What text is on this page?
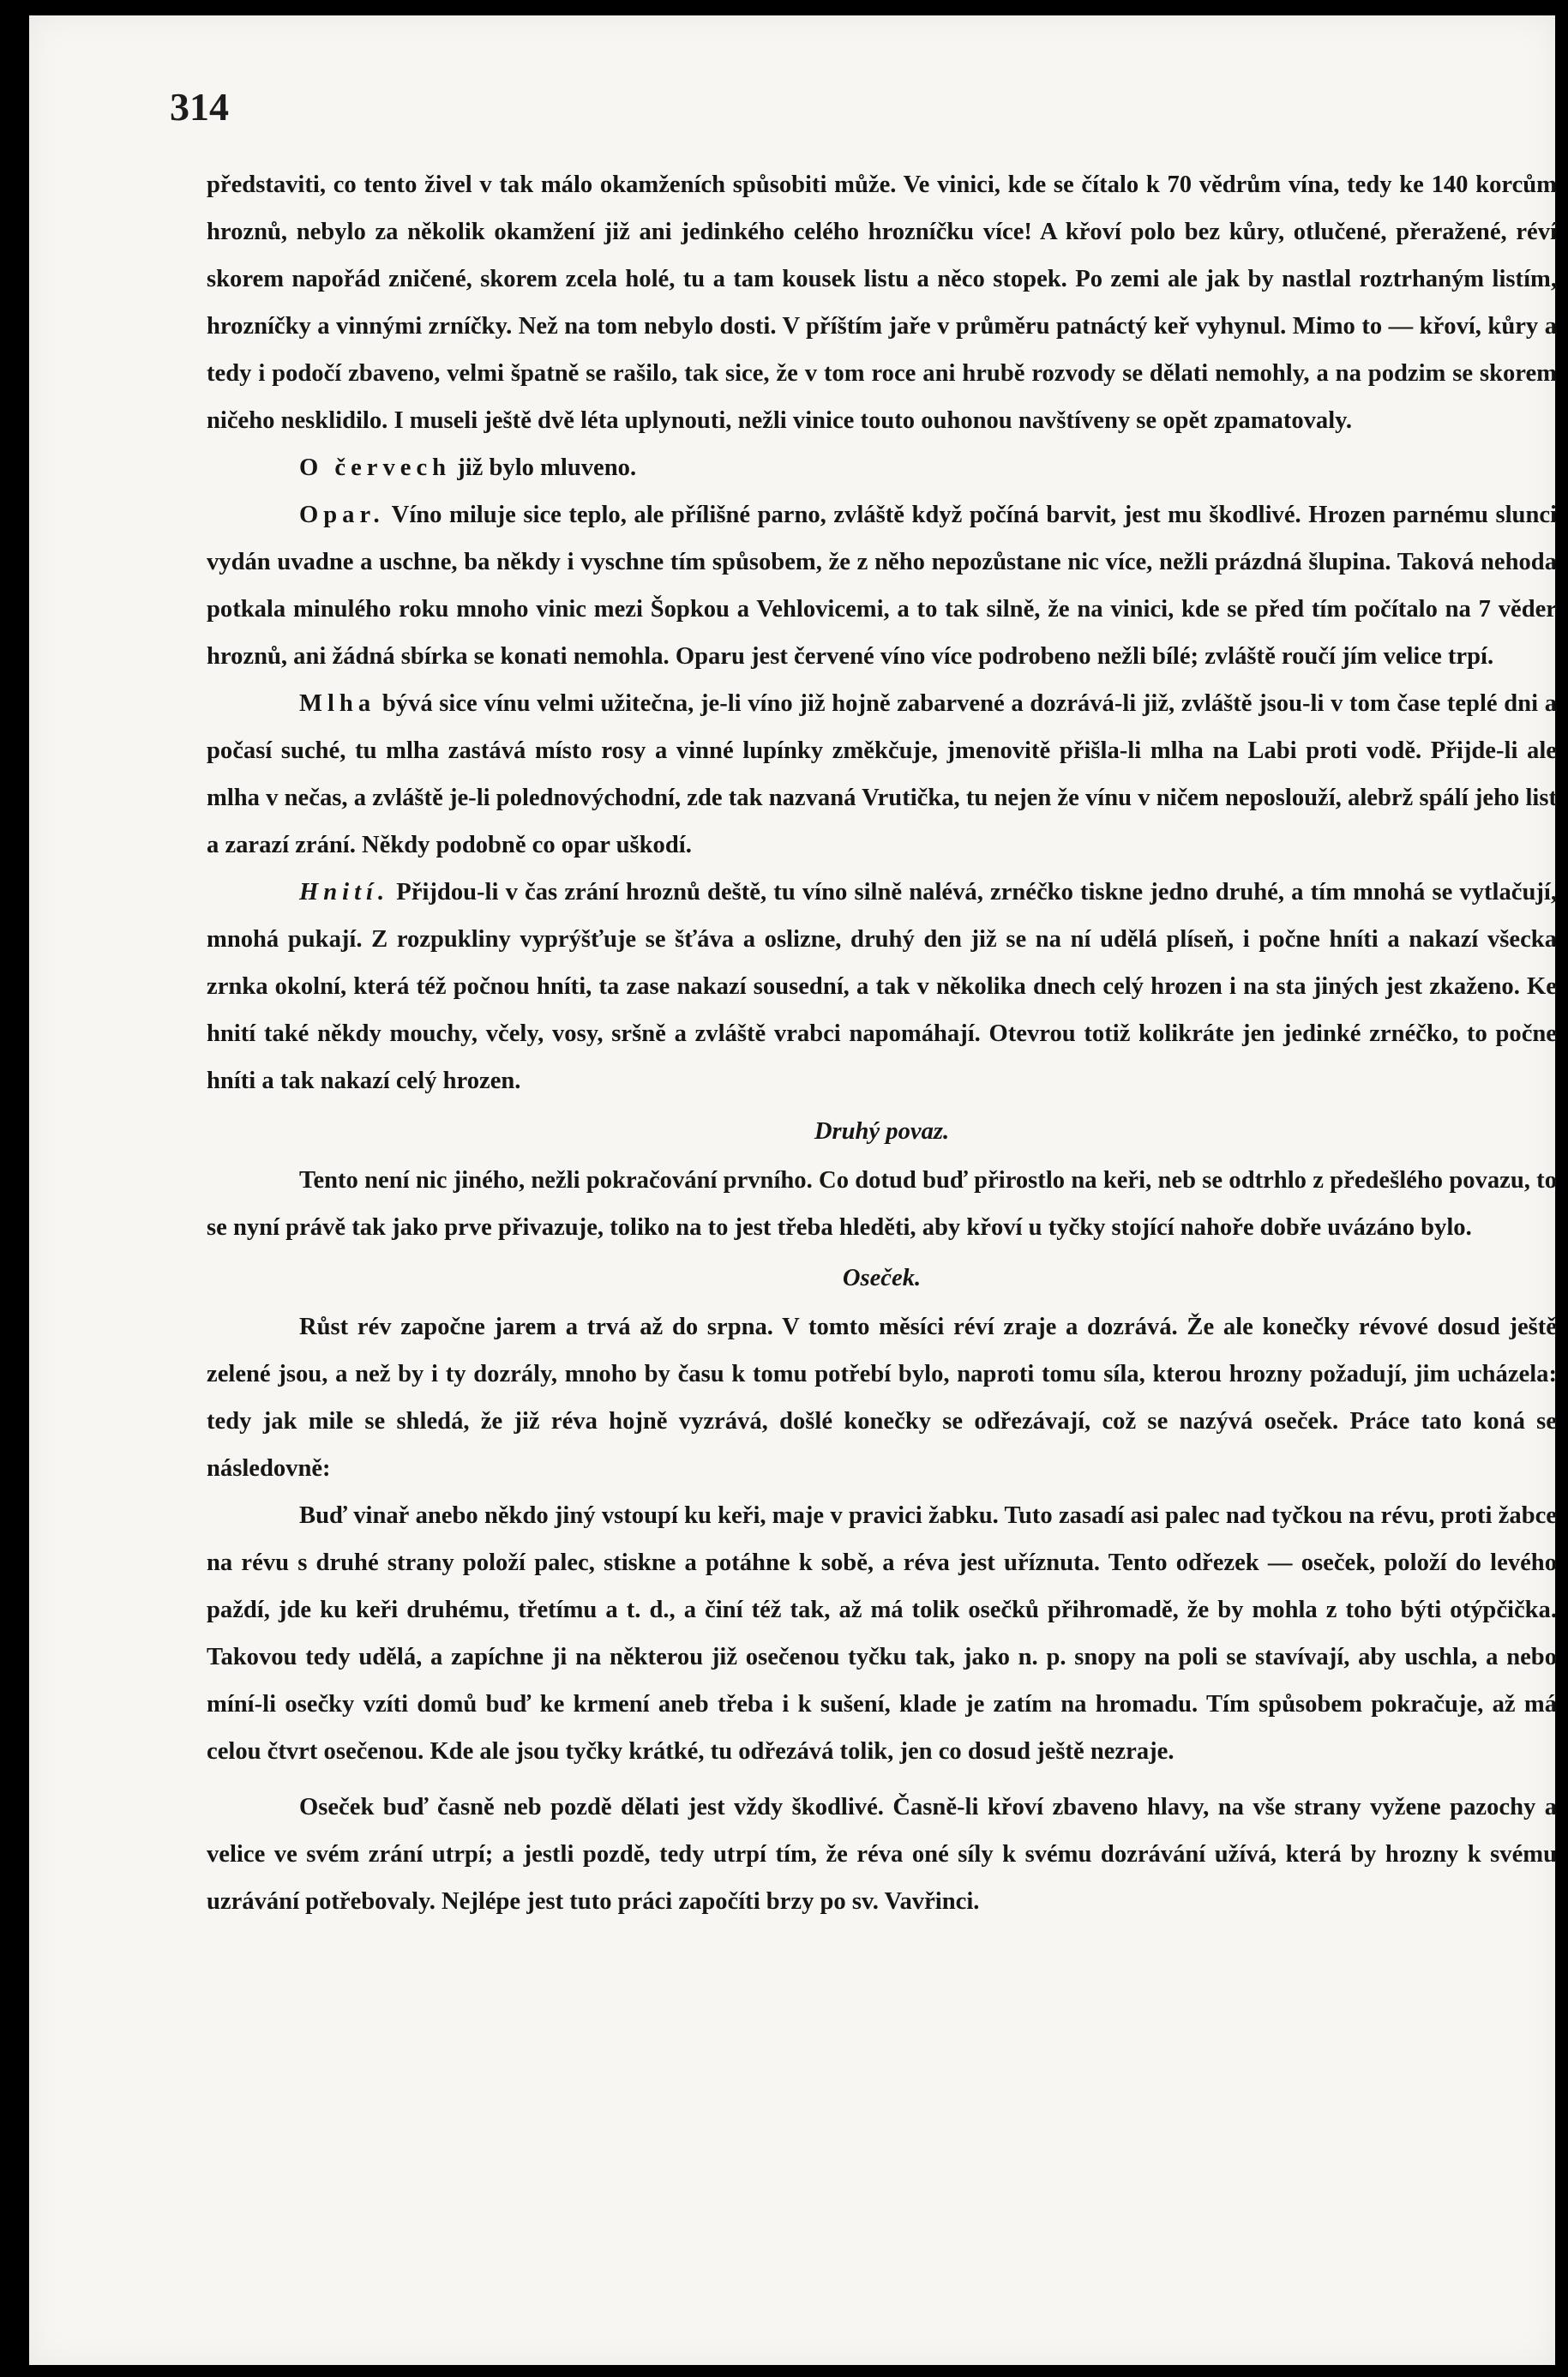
314

představiti, co tento živel v tak málo okamženích spůsobiti může. Ve vinici, kde se čítalo k 70 vědrům vína, tedy ke 140 korcům hroznů, nebylo za několik okamžení již ani jedinkého celého hrozníčku více! A křoví polo bez kůry, otlučené, přeražené, réví skorem napořád zničené, skorem zcela holé, tu a tam kousek listu a něco stopek. Po zemi ale jak by nastlal roztrhaným listím, hrozníčky a vinnými zrníčky. Než na tom nebylo dosti. V příštím jaře v průměru patnáctý keř vyhynul. Mimo to — křoví, kůry a tedy i podočí zbaveno, velmi špatně se rašilo, tak sice, že v tom roce ani hrubě rozvody se dělati nemohly, a na podzim se skorem ničeho nesklidilo. I museli ještě dvě léta uplynouti, nežli vinice touto ouhonou navštíveny se opět zpamatovaly.

O červech již bylo mluveno.

Opar. Víno miluje sice teplo, ale přílišné parno, zvláště když počíná barvit, jest mu škodlivé. Hrozen parnému slunci vydán uvadne a uschne, ba někdy i vyschne tím spůsobem, že z něho nepozůstane nic více, nežli prázdná šlupina. Taková nehoda potkala minulého roku mnoho vinic mezi Šopkou a Vehlovicemi, a to tak silně, že na vinici, kde se před tím počítalo na 7 věder hroznů, ani žádná sbírka se konati nemohla. Oparu jest červené víno více podrobeno nežli bílé; zvláště roučí jím velice trpí.

Mlha bývá sice vínu velmi užitečna, je-li víno již hojně zabarvené a dozrává-li již, zvláště jsou-li v tom čase teplé dni a počasí suché, tu mlha zastává místo rosy a vinné lupínky změkčuje, jmenovitě přišla-li mlha na Labi proti vodě. Přijde-li ale mlha v nečas, a zvláště je-li polednovýchodní, zde tak nazvaná Vrutička, tu nejen že vínu v ničem neposlouží, alebrž spálí jeho list a zarazí zrání. Někdy podobně co opar uškodí.

Hnití. Přijdou-li v čas zrání hroznů deště, tu víno silně nalévá, zrnéčko tiskne jedno druhé, a tím mnohá se vytlačují, mnohá pukají. Z rozpukliny vyprýšťuje se šťáva a oslizne, druhý den již se na ní udělá plíseň, i počne hníti a nakazí všecka zrnka okolní, která též počnou hníti, ta zase nakazí sousední, a tak v několika dnech celý hrozen i na sta jiných jest zkaženo. Ke hnití také někdy mouchy, včely, vosy, sršně a zvláště vrabci napomáhají. Otevrou totiž kolikráte jen jedinké zrnéčko, to počne hníti a tak nakazí celý hrozen.

Druhý povaz.

Tento není nic jiného, nežli pokračování prvního. Co dotud buď přirostlo na keři, neb se odtrhlo z předešlého povazu, to se nyní právě tak jako prve přivazuje, toliko na to jest třeba hleděti, aby křoví u tyčky stojící nahoře dobře uvázáno bylo.

Oseček.

Růst rév započne jarem a trvá až do srpna. V tomto měsíci réví zraje a dozrává. Že ale konečky révové dosud ještě zelené jsou, a než by i ty dozrály, mnoho by času k tomu potřebí bylo, naproti tomu síla, kterou hrozny požadují, jim ucházela: tedy jak mile se shledá, že již réva hojně vyzrává, došlé konečky se odřezávají, což se nazývá oseček. Práce tato koná se následovně:

Buď vinař anebo někdo jiný vstoupí ku keři, maje v pravici žabku. Tuto zasadí asi palec nad tyčkou na révu, proti žabce na révu s druhé strany položí palec, stiskne a potáhne k sobě, a réva jest uříznuta. Tento odřezek — oseček, položí do levého paždí, jde ku keři druhému, třetímu a t. d., a činí též tak, až má tolik osečků přihromadě, že by mohla z toho býti otýpčička. Takovou tedy udělá, a zapíchne ji na některou již osečenou tyčku tak, jako n. p. snopy na poli se stavívají, aby uschla, a nebo míní-li osečky vzíti domů buď ke krmení aneb třeba i k sušení, klade je zatím na hromadu. Tím spůsobem pokračuje, až má celou čtvrt osečenou. Kde ale jsou tyčky krátké, tu odřezává tolik, jen co dosud ještě nezraje.

Oseček buď časně neb pozdě dělati jest vždy škodlivé. Časně-li křoví zbaveno hlavy, na vše strany vyžene pazochy a velice ve svém zrání utrpí; a jestli pozdě, tedy utrpí tím, že réva oné síly k svému dozrávání užívá, která by hrozny k svému uzrávání potřebovaly. Nejlépe jest tuto práci započíti brzy po sv. Vavřinci.
